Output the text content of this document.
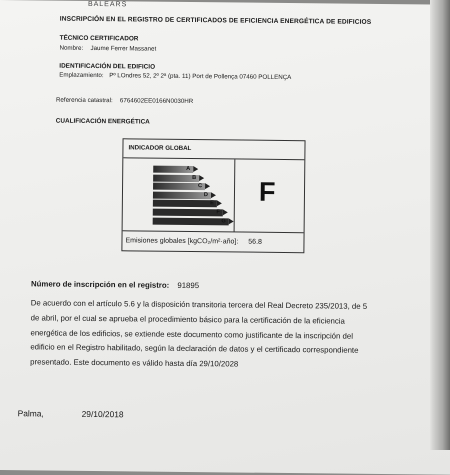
BALEARS
INSCRIPCIÓN EN EL REGISTRO DE CERTIFICADOS DE EFICIENCIA ENERGÉTICA DE EDIFICIOS
TÉCNICO CERTIFICADOR
Nombre: Jaume Ferrer Massanet
IDENTIFICACIÓN DEL EDIFICIO
Emplazamiento: Pº LOndres 52, 2º 2ª (pta. 11) Port de Pollença 07460 POLLENÇA
Referencia catastral: 6764602EE0166N0030HR
CUALIFICACIÓN ENERGÉTICA
INDICADOR GLOBAL
A
B
C
D
E
F
G
F
Emisiones globales [kgCO₂/m²·año]: 56.8
Número de inscripción en el registro: 91895
De acuerdo con el artículo 5.6 y la disposición transitoria tercera del Real Decreto 235/2013, de 5
de abril, por el cual se aprueba el procedimiento básico para la certificación de la eficiencia
energética de los edificios, se extiende este documento como justificante de la inscripción del
edificio en el Registro habilitado, según la declaración de datos y el certificado correspondiente
presentado. Este documento es válido hasta día 29/10/2028
Palma,	29/10/2018
